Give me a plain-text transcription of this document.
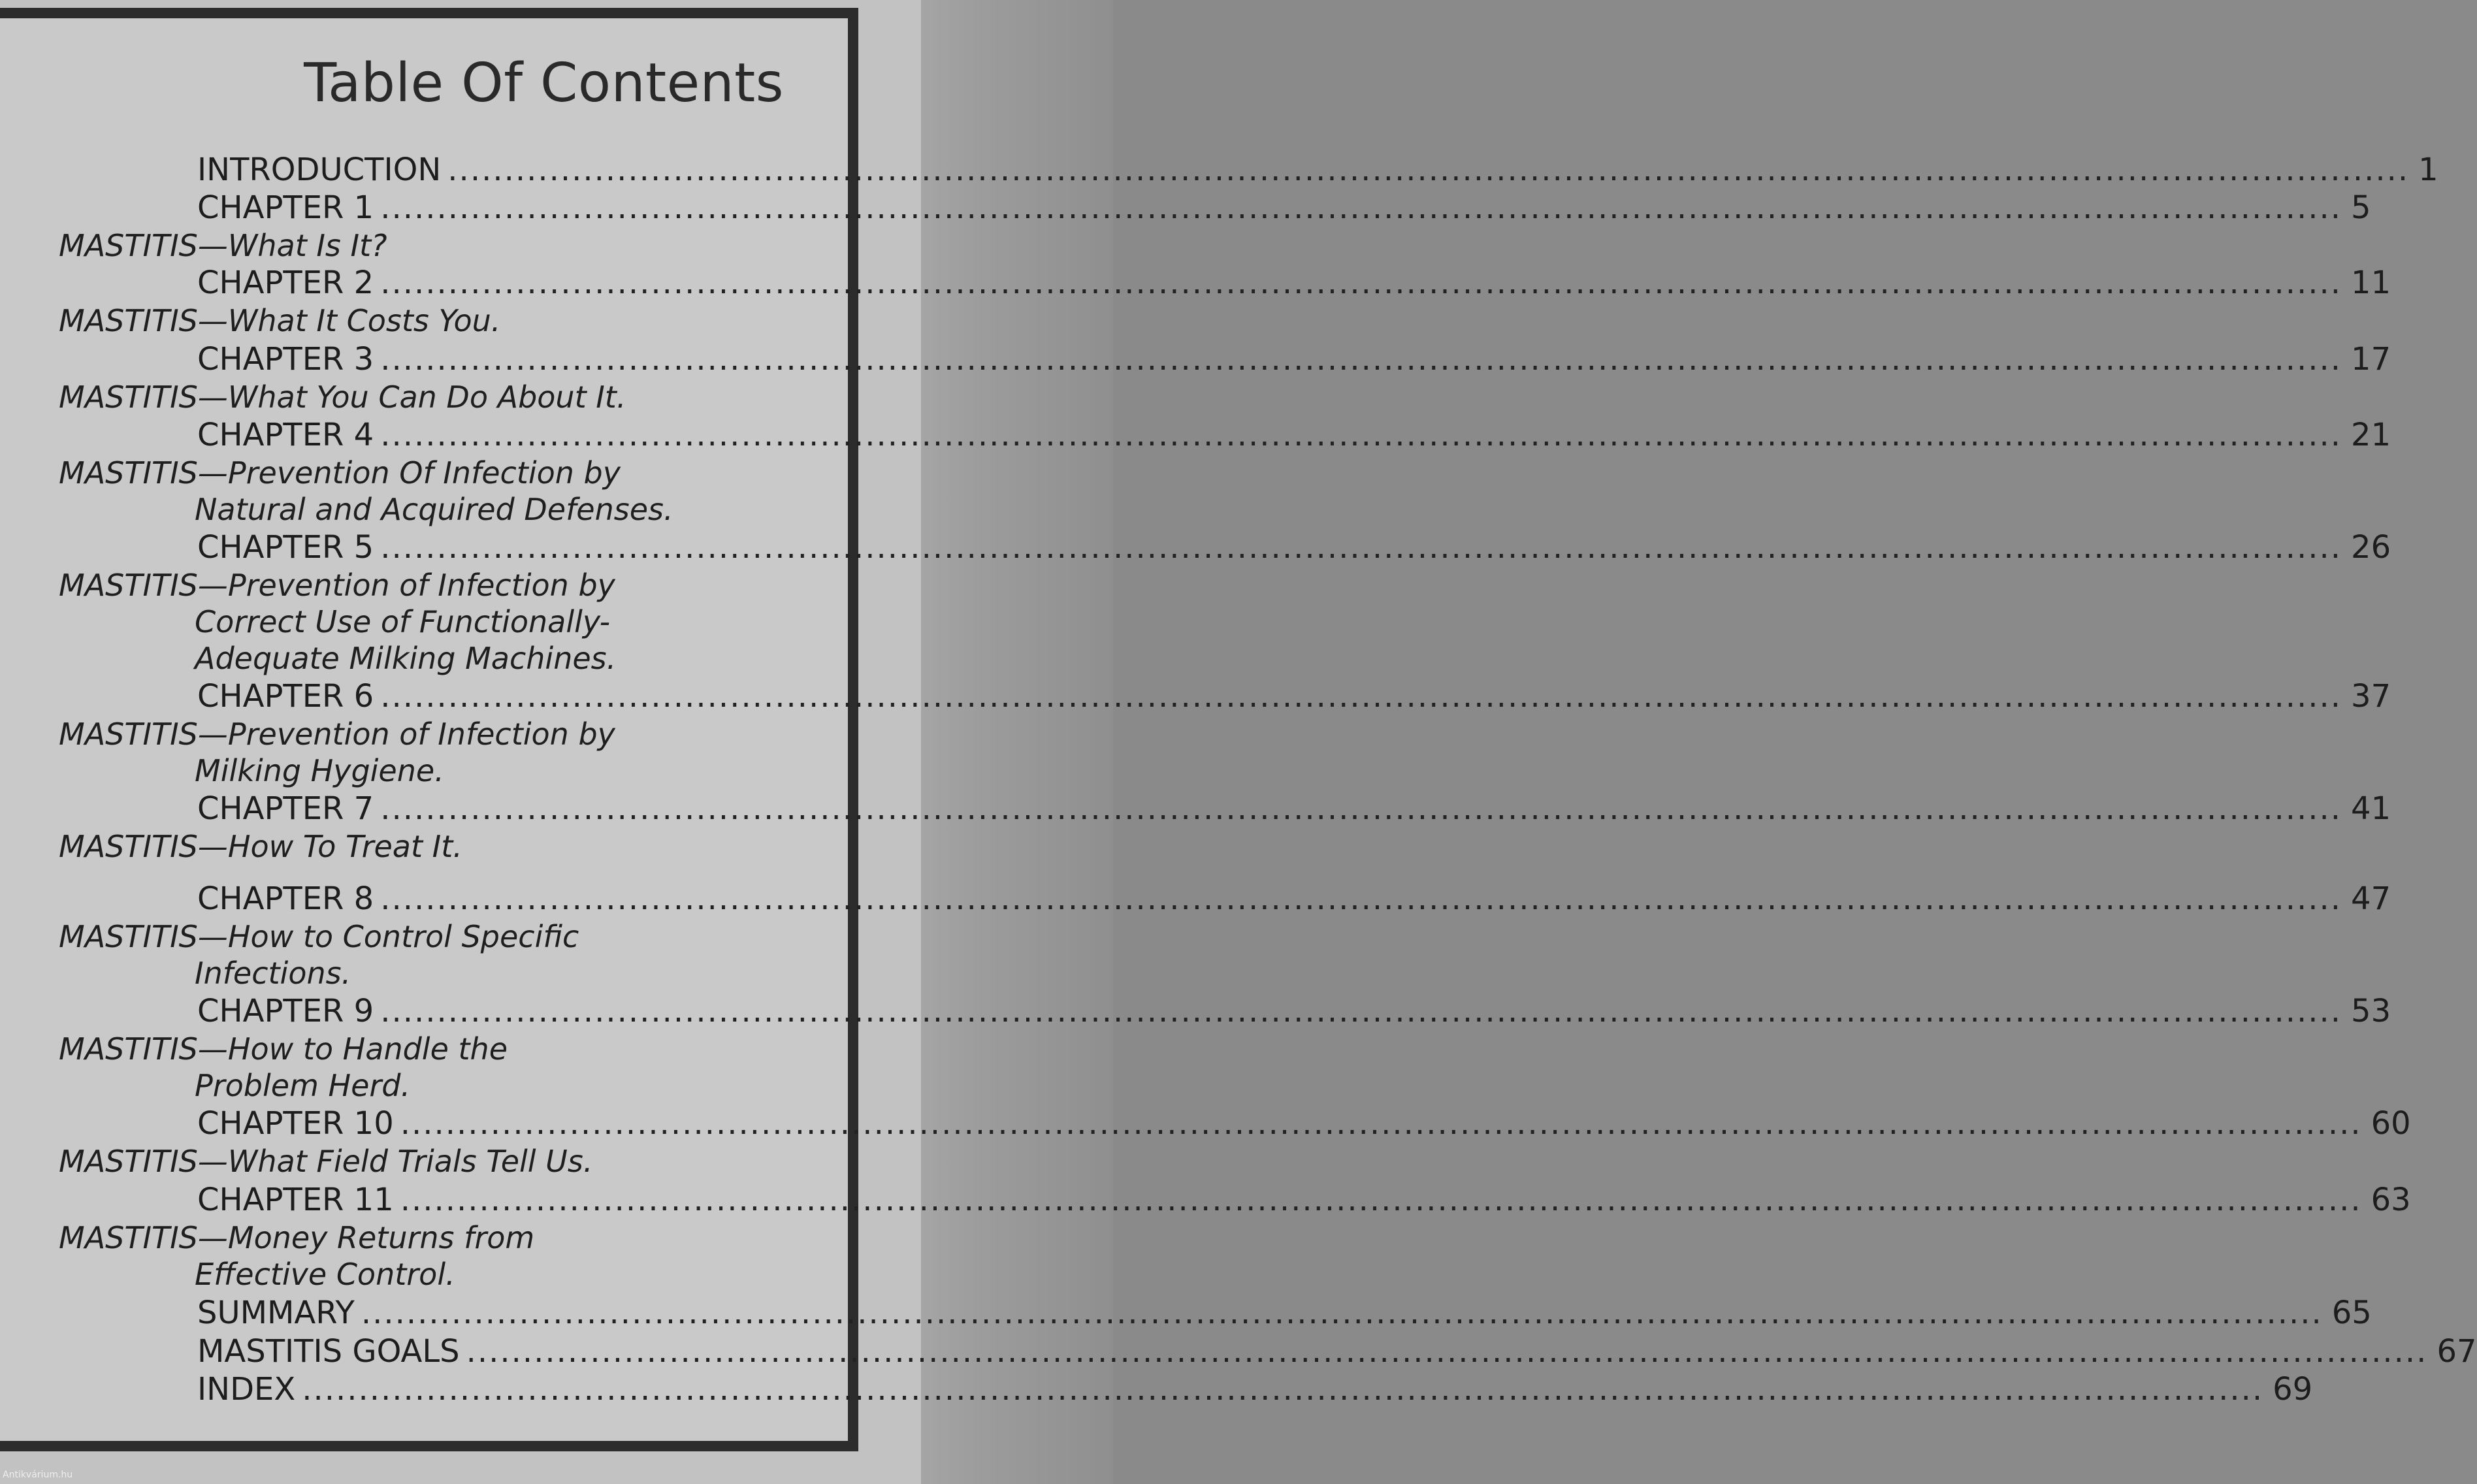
Table Of Contents
INTRODUCTION .............................................................................................................................................................................. 1
CHAPTER 1 .............................................................................................................................................................................. 5
MASTITIS—What Is It?
CHAPTER 2 .............................................................................................................................................................................. 11
MASTITIS—What It Costs You.
CHAPTER 3 .............................................................................................................................................................................. 17
MASTITIS—What You Can Do About It.
CHAPTER 4 .............................................................................................................................................................................. 21
MASTITIS—Prevention Of Infection by
Natural and Acquired Defenses.
CHAPTER 5 .............................................................................................................................................................................. 26
MASTITIS—Prevention of Infection by
Correct Use of Functionally-
Adequate Milking Machines.
CHAPTER 6 .............................................................................................................................................................................. 37
MASTITIS—Prevention of Infection by
Milking Hygiene.
CHAPTER 7 .............................................................................................................................................................................. 41
MASTITIS—How To Treat It.
CHAPTER 8 .............................................................................................................................................................................. 47
MASTITIS—How to Control Specific
Infections.
CHAPTER 9 .............................................................................................................................................................................. 53
MASTITIS—How to Handle the
Problem Herd.
CHAPTER 10 .............................................................................................................................................................................. 60
MASTITIS—What Field Trials Tell Us.
CHAPTER 11 .............................................................................................................................................................................. 63
MASTITIS—Money Returns from
Effective Control.
SUMMARY .............................................................................................................................................................................. 65
MASTITIS GOALS .............................................................................................................................................................................. 67
INDEX .............................................................................................................................................................................. 69
Antikvárium.hu
